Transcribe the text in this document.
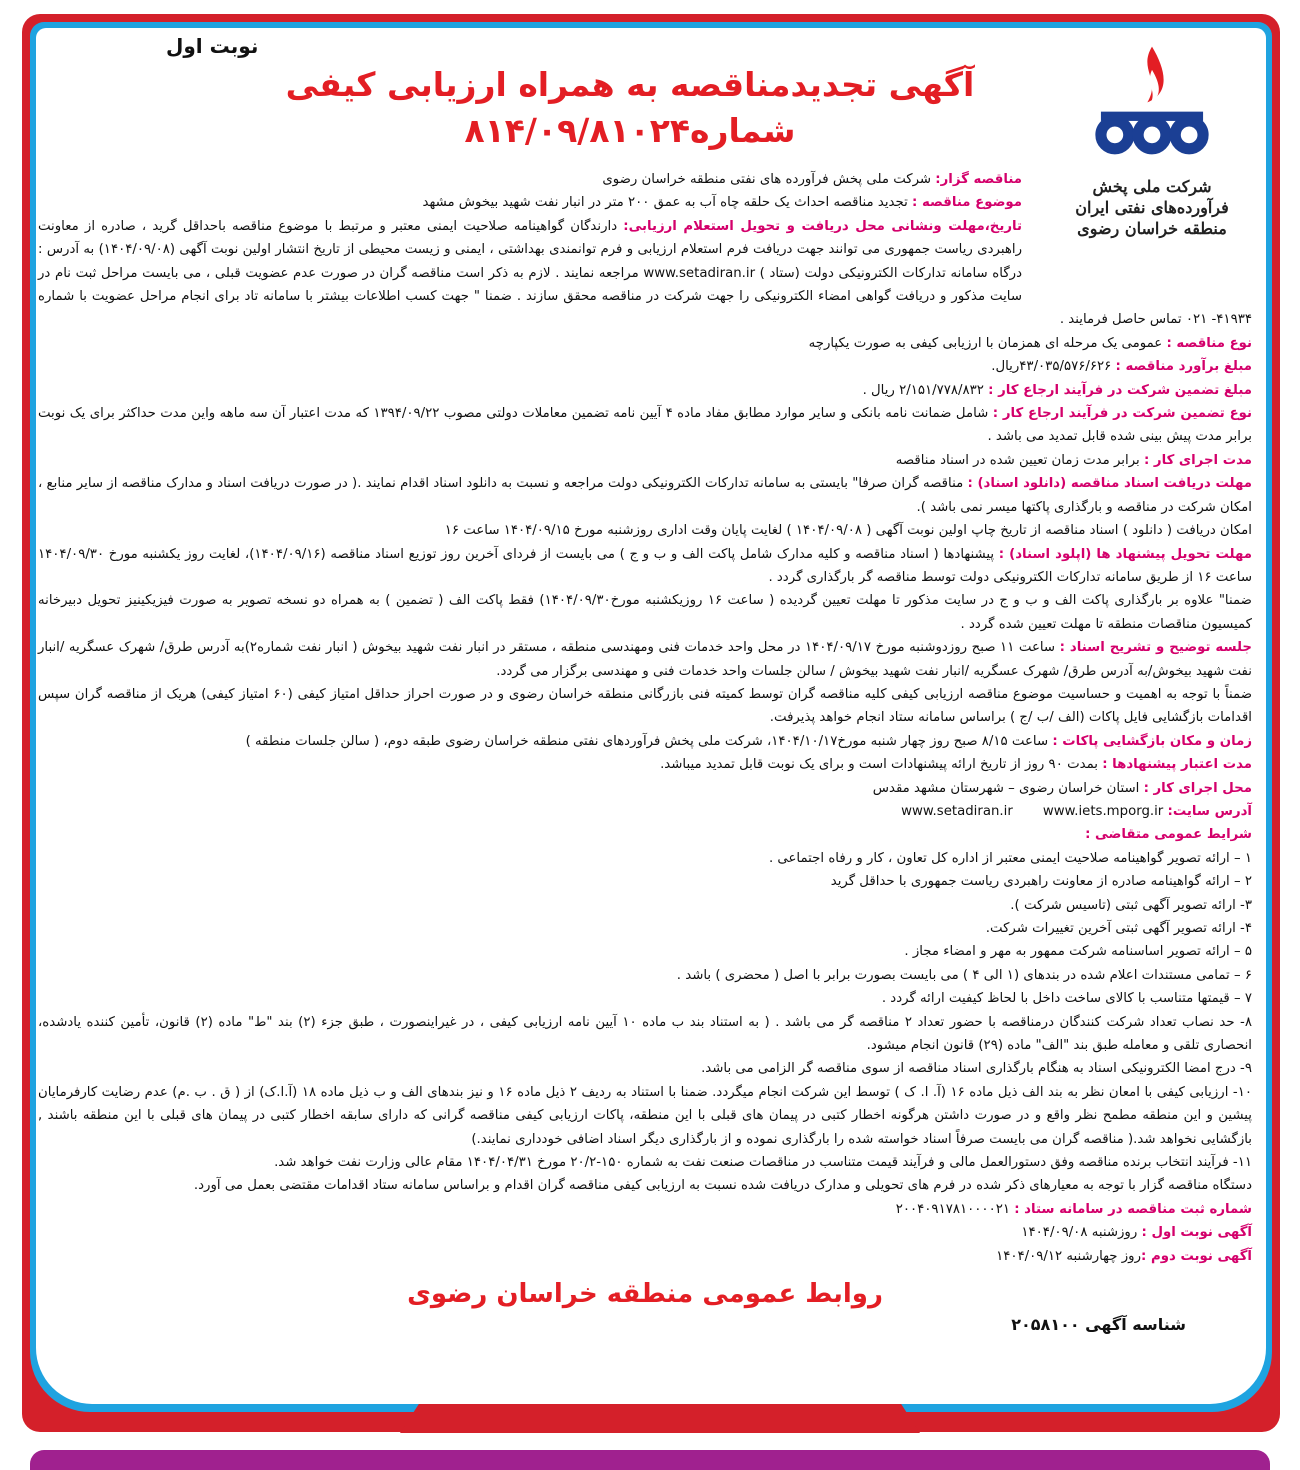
شرکت ملی پخش فرآورده‌های نفتی ایران
منطقه خراسان رضوی
نوبت اول
آگهی تجدیدمناقصه به همراه ارزیابی کیفی
شماره۸۱۴/۰۹/۸۱۰۲۴

مناقصه گزار: شرکت ملی پخش فرآورده های نفتی منطقه خراسان رضوی

موضوع مناقصه : تجدید مناقصه احداث یک حلقه چاه آب به عمق ۲۰۰ متر در انبار نفت شهید بیخوش مشهد

تاریخ،مهلت ونشانی محل دریافت و تحویل استعلام ارزیابی: دارندگان گواهینامه صلاحیت ایمنی معتبر و مرتبط با موضوع مناقصه باحداقل گرید ، صادره از معاونت راهبردی ریاست جمهوری می توانند جهت دریافت فرم استعلام ارزیابی و فرم توانمندی بهداشتی ، ایمنی و زیست محیطی از تاریخ انتشار اولین نوبت آگهی (۱۴۰۴/۰۹/۰۸) به آدرس : درگاه سامانه تدارکات الکترونیکی دولت (ستاد ) www.setadiran.ir مراجعه نمایند . لازم به ذکر است مناقصه گران در صورت عدم عضویت قبلی ، می بایست مراحل ثبت نام در سایت مذکور و دریافت گواهی امضاء الکترونیکی را جهت شرکت در مناقصه محقق سازند . ضمنا " جهت کسب اطلاعات بیشتر با سامانه تاد برای انجام مراحل عضویت با شماره ۴۱۹۳۴- ۰۲۱ تماس حاصل فرمایند .

نوع مناقصه : عمومی یک مرحله ای همزمان با ارزیابی کیفی به صورت یکپارچه

مبلغ برآورد مناقصه : ۴۳/۰۳۵/۵۷۶/۶۲۶ریال.

مبلغ تضمین شرکت در فرآیند ارجاع کار : ۲/۱۵۱/۷۷۸/۸۳۲ ریال .

نوع تضمین شرکت در فرآیند ارجاع کار : شامل ضمانت نامه بانکی و سایر موارد مطابق مفاد ماده ۴ آیین نامه تضمین معاملات دولتی مصوب ۱۳۹۴/۰۹/۲۲ که مدت اعتبار آن سه ماهه واین مدت حداکثر برای یک نوبت برابر مدت پیش بینی شده قابل تمدید می باشد .

مدت اجرای کار : برابر مدت زمان تعیین شده در اسناد مناقصه

مهلت دریافت اسناد مناقصه (دانلود اسناد) : مناقصه گران صرفا" بایستی به سامانه تدارکات الکترونیکی دولت مراجعه و نسبت به دانلود اسناد اقدام نمایند .( در صورت دریافت اسناد و مدارک مناقصه از سایر منابع ، امکان شرکت در مناقصه و بارگذاری پاکتها میسر نمی باشد ).

امکان دریافت ( دانلود ) اسناد مناقصه از تاریخ چاپ اولین نوبت آگهی ( ۱۴۰۴/۰۹/۰۸ ) لغایت پایان وقت اداری روزشنبه مورخ ۱۴۰۴/۰۹/۱۵ ساعت ۱۶

مهلت تحویل پیشنهاد ها (اپلود اسناد) : پیشنهادها ( اسناد مناقصه و کلیه مدارک شامل پاکت الف و ب و ج ) می بایست از فردای آخرین روز توزیع اسناد مناقصه (۱۴۰۴/۰۹/۱۶)، لغایت روز یکشنبه مورخ ۱۴۰۴/۰۹/۳۰ ساعت ۱۶ از طریق سامانه تدارکات الکترونیکی دولت توسط مناقصه گر بارگذاری گردد .

ضمنا" علاوه بر بارگذاری پاکت الف و ب و ج در سایت مذکور تا مهلت تعیین گردیده ( ساعت ۱۶ روزیکشنبه مورخ۱۴۰۴/۰۹/۳۰) فقط پاکت الف ( تضمین ) به همراه دو نسخه تصویر به صورت فیزیکینیز تحویل دبیرخانه کمیسیون مناقصات منطقه تا مهلت تعیین شده گردد .

جلسه توضیح و تشریح اسناد : ساعت ۱۱ صبح روزدوشنبه مورخ ۱۴۰۴/۰۹/۱۷ در محل واحد خدمات فنی ومهندسی منطقه ، مستقر در انبار نفت شهید بیخوش ( انبار نفت شماره۲)به آدرس طرق/ شهرک عسگریه /انبار نفت شهید بیخوش/به آدرس طرق/ شهرک عسگریه /انبار نفت شهید بیخوش / سالن جلسات واحد خدمات فنی و مهندسی برگزار می گردد.

ضمناً با توجه به اهمیت و حساسیت موضوع مناقصه ارزیابی کیفی کلیه مناقصه گران توسط کمیته فنی بازرگانی منطقه خراسان رضوی و در صورت احراز حداقل امتیاز کیفی (۶۰ امتیاز کیفی) هریک از مناقصه گران سپس اقدامات بازگشایی فایل پاکات (الف /ب /ج ) براساس سامانه ستاد انجام خواهد پذیرفت.

زمان و مکان بازگشایی پاکات : ساعت ۸/۱۵ صبح روز چهار شنبه مورخ۱۴۰۴/۱۰/۱۷، شرکت ملی پخش فرآوردهای نفتی منطقه خراسان رضوی طبقه دوم، ( سالن جلسات منطقه )

مدت اعتبار پیشنهادها : بمدت ۹۰ روز از تاریخ ارائه پیشنهادات است و برای یک نوبت قابل تمدید میباشد.

محل اجرای کار : استان خراسان رضوی – شهرستان مشهد مقدس

آدرس سایت: www.setadiran.ir www.iets.mporg.ir

شرایط عمومی متقاضی :

۱ – ارائه تصویر گواهینامه صلاحیت ایمنی معتبر از اداره کل تعاون ، کار و رفاه اجتماعی .

۲ – ارائه گواهینامه صادره از معاونت راهبردی ریاست جمهوری با حداقل گرید

۳- ارائه تصویر آگهی ثبتی (تاسیس شرکت ).

۴- ارائه تصویر آگهی ثبتی آخرین تغییرات شرکت.

۵ – ارائه تصویر اساسنامه شرکت ممهور به مهر و امضاء مجاز .

۶ – تمامی مستندات اعلام شده در بندهای (۱ الی ۴ ) می بایست بصورت برابر با اصل ( محضری ) باشد .

۷ – قیمتها متناسب با کالای ساخت داخل با لحاظ کیفیت ارائه گردد .

۸- حد نصاب تعداد شرکت کنندگان درمناقصه با حضور تعداد ۲ مناقصه گر می باشد . ( به استناد بند ب ماده ۱۰ آیین نامه ارزیابی کیفی ، در غیراینصورت ، طبق جزء (۲) بند "ط" ماده (۲) قانون، تأمین کننده یادشده، انحصاری تلقی و معامله طبق بند "الف" ماده (۲۹) قانون انجام میشود.

۹- درج امضا الکترونیکی اسناد به هنگام بارگذاری اسناد مناقصه از سوی مناقصه گر الزامی می باشد.

۱۰- ارزیابی کیفی با امعان نظر به بند الف ذیل ماده ۱۶ (آ. ا. ک ) توسط این شرکت انجام میگردد. ضمنا با استناد به ردیف ۲ ذیل ماده ۱۶ و نیز بندهای الف و ب ذیل ماده ۱۸ (آ.ا.ک) از ( ق . ب .م) عدم رضایت کارفرمایان پیشین و این منطقه مطمح نظر واقع و در صورت داشتن هرگونه اخطار کتبی در پیمان های قبلی با این منطقه، پاکات ارزیابی کیفی مناقصه گرانی که دارای سابقه اخطار کتبی در پیمان های قبلی با این منطقه باشند , بازگشایی نخواهد شد.( مناقصه گران می بایست صرفاً اسناد خواسته شده را بارگذاری نموده و از بارگذاری دیگر اسناد اضافی خودداری نمایند.)

۱۱- فرآیند انتخاب برنده مناقصه وفق دستورالعمل مالی و فرآیند قیمت متناسب در مناقصات صنعت نفت به شماره ۱۵۰-۲۰/۲ مورخ ۱۴۰۴/۰۴/۳۱ مقام عالی وزارت نفت خواهد شد.

دستگاه مناقصه گزار با توجه به معیارهای ذکر شده در فرم های تحویلی و مدارک دریافت شده نسبت به ارزیابی کیفی مناقصه گران اقدام و براساس سامانه ستاد اقدامات مقتضی بعمل می آورد.

شماره ثبت مناقصه در سامانه ستاد : ۲۰۰۴۰۹۱۷۸۱۰۰۰۰۲۱

آگهی نوبت اول : روزشنبه ۱۴۰۴/۰۹/۰۸

آگهی نوبت دوم :روز چهارشنبه ۱۴۰۴/۰۹/۱۲

روابط عمومی منطقه خراسان رضوی
شناسه آگهی ۲۰۵۸۱۰۰
